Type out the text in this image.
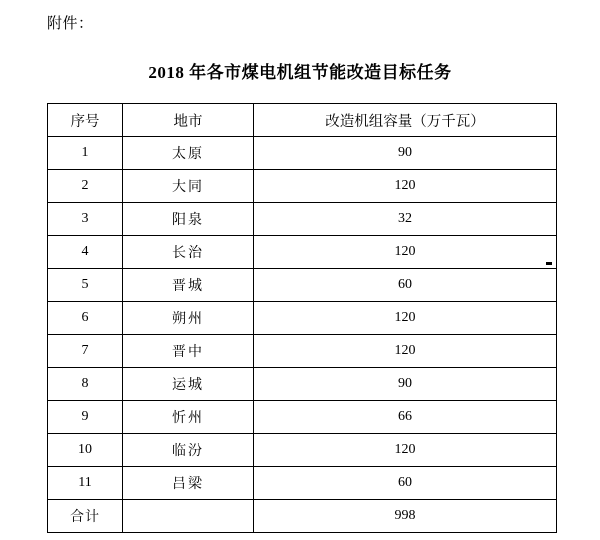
附件：
2018 年各市煤电机组节能改造目标任务
序号	地市	改造机组容量（万千瓦）
1	太原	90
2	大同	120
3	阳泉	32
4	长治	120
5	晋城	60
6	朔州	120
7	晋中	120
8	运城	90
9	忻州	66
10	临汾	120
11	吕梁	60
合计		998
